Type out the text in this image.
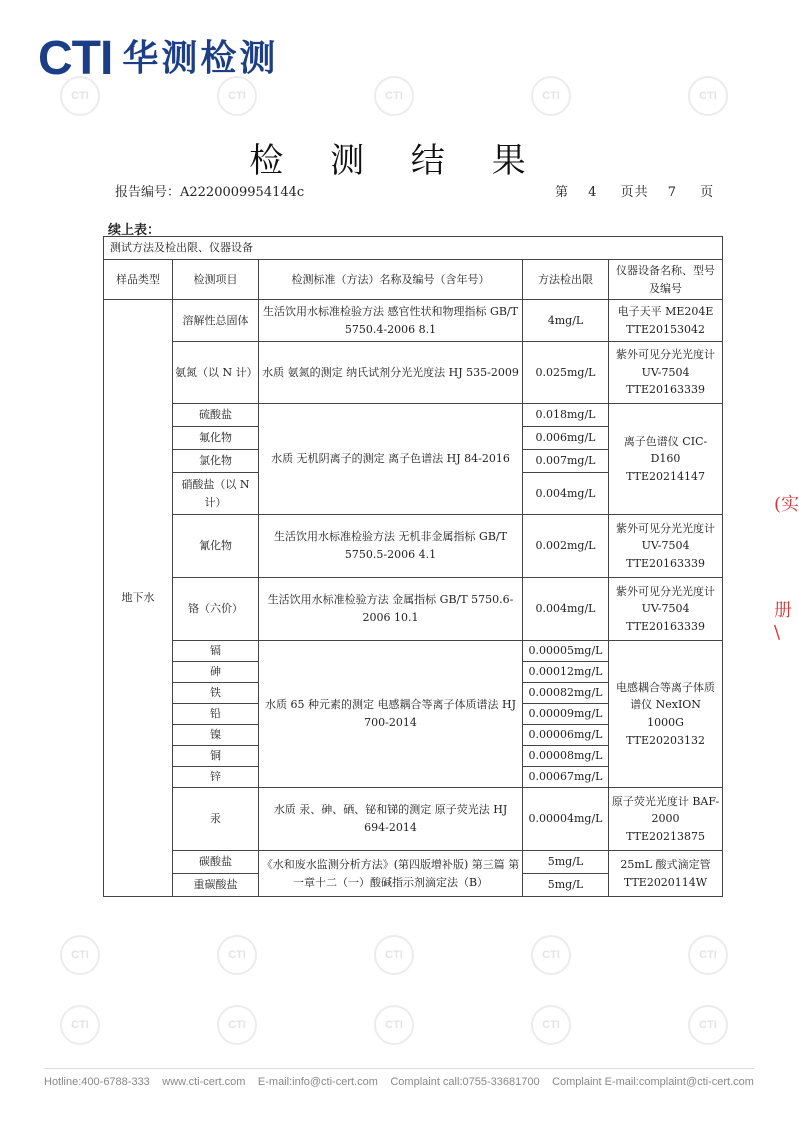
CTI	CTI	CTI	CTI	CTI
CTI	CTI	CTI	CTI	CTI
CTI	CTI	CTI	CTI	CTI
CTI 华测检测
检 测 结 果
报告编号：A2220009954144c	第 4 页共 7 页
续上表：
测试方法及检出限、仪器设备				
样品类型	检测项目	检测标准（方法）名称及编号（含年号）	方法检出限	仪器设备名称、型号及编号
地下水	溶解性总固体	生活饮用水标准检验方法 感官性状和物理指标 GB/T 5750.4-2006 8.1	4mg/L	电子天平 ME204E TTE20153042
	氨氮（以 N 计）	水质 氨氮的测定 纳氏试剂分光光度法 HJ 535-2009	0.025mg/L	紫外可见分光光度计 UV-7504 TTE20163339
	硫酸盐	水质 无机阴离子的测定 离子色谱法 HJ 84-2016	0.018mg/L	离子色谱仪 CIC-D160 TTE20214147
	氟化物		0.006mg/L	
	氯化物		0.007mg/L	
	硝酸盐（以 N 计）		0.004mg/L	
	氰化物	生活饮用水标准检验方法 无机非金属指标 GB/T 5750.5-2006 4.1	0.002mg/L	紫外可见分光光度计 UV-7504 TTE20163339
	铬（六价）	生活饮用水标准检验方法 金属指标 GB/T 5750.6-2006 10.1	0.004mg/L	紫外可见分光光度计 UV-7504 TTE20163339
	镉	水质 65 种元素的测定 电感耦合等离子体质谱法 HJ 700-2014	0.00005mg/L	电感耦合等离子体质谱仪 NexION 1000G TTE20203132
	砷		0.00012mg/L	
	铁		0.00082mg/L	
	铅		0.00009mg/L	
	镍		0.00006mg/L	
	铜		0.00008mg/L	
	锌		0.00067mg/L	
	汞	水质 汞、砷、硒、铋和锑的测定 原子荧光法 HJ 694-2014	0.00004mg/L	原子荧光光度计 BAF-2000 TTE20213875
	碳酸盐	《水和废水监测分析方法》(第四版增补版) 第三篇 第一章十二（一）酸碱指示剂滴定法（B）	5mg/L	25mL 酸式滴定管 TTE2020114W
	重碳酸盐		5mg/L	
(实
册
\
Hotline:400-6788-333 www.cti-cert.com E-mail:info@cti-cert.com Complaint call:0755-33681700 Complaint E-mail:complaint@cti-cert.com
